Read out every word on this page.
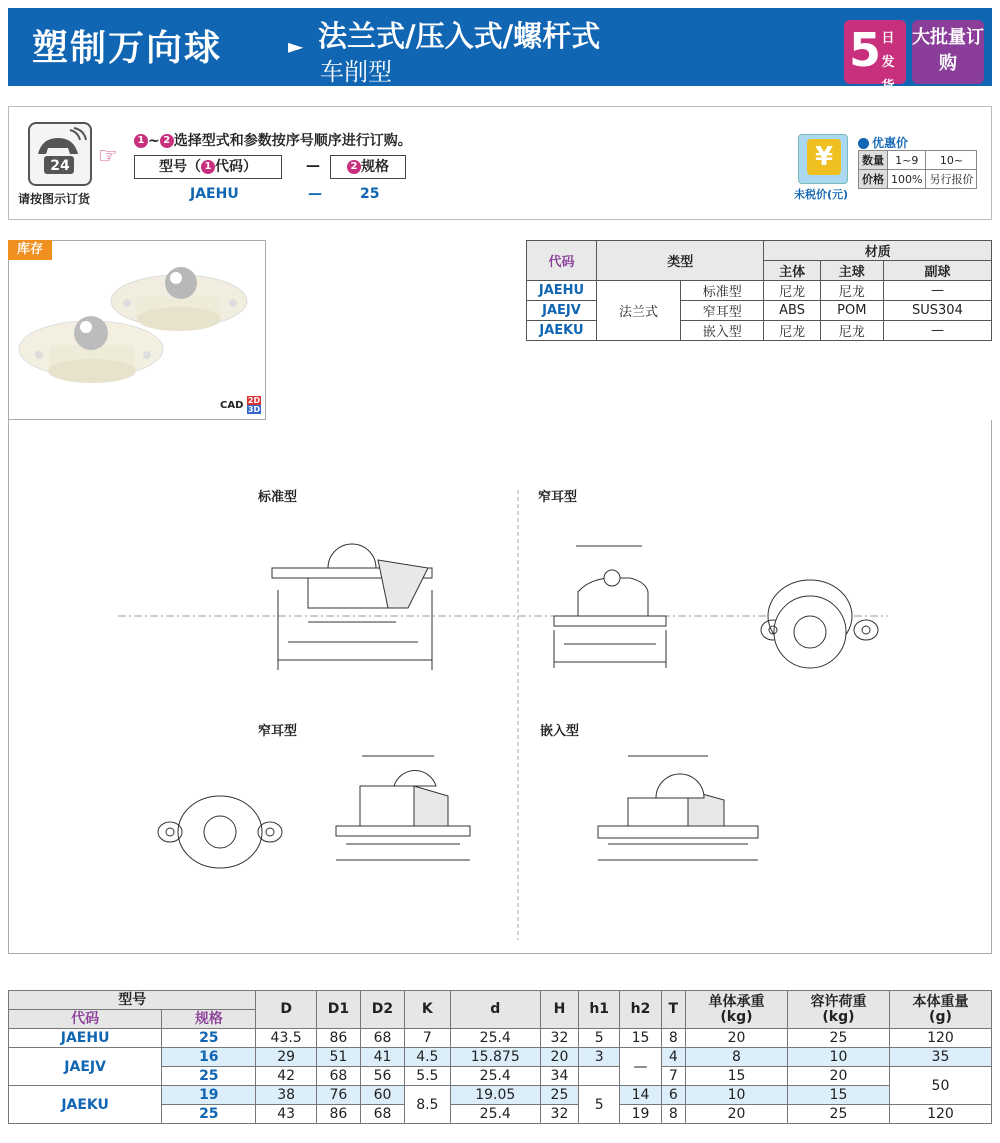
塑制万向球	► 法兰式/压入式/螺杆式
车削型	5 日发货
大批量订购
24
请按图示订货
☞
1 ~ 2 选择型式和参数按序号顺序进行订购。
型号（ 1 代码）	—	2 规格
JAEHU	—	25
¥
未税价(元)
优惠价
数量	1~9	10~
价格	100%	另行报价
库存
CAD 2D
3D
代码	类型		材质		
			主体	主球	副球
JAEHU	法兰式	标准型	尼龙	尼龙	—
JAEJV		窄耳型	ABS	POM	SUS304
JAEKU		嵌入型	尼龙	尼龙	—
标准型	窄耳型
窄耳型	嵌入型
型号		D	D1	D2	K	d	H	h1	h2	T	单体承重
(kg)	容许荷重
(kg)	本体重量
(g)
代码	规格												
JAEHU	25	43.5	86	68	7	25.4	32	5	15	8	20	25	120
JAEJV	16	29	51	41	4.5	15.875	20	3	—	4	8	10	35
	25	42	68	56	5.5	25.4	34			7	15	20	50
JAEKU	19	38	76	60	8.5	19.05	25	5	14	6	10	15	
	25	43	86	68		25.4	32		19	8	20	25	120
